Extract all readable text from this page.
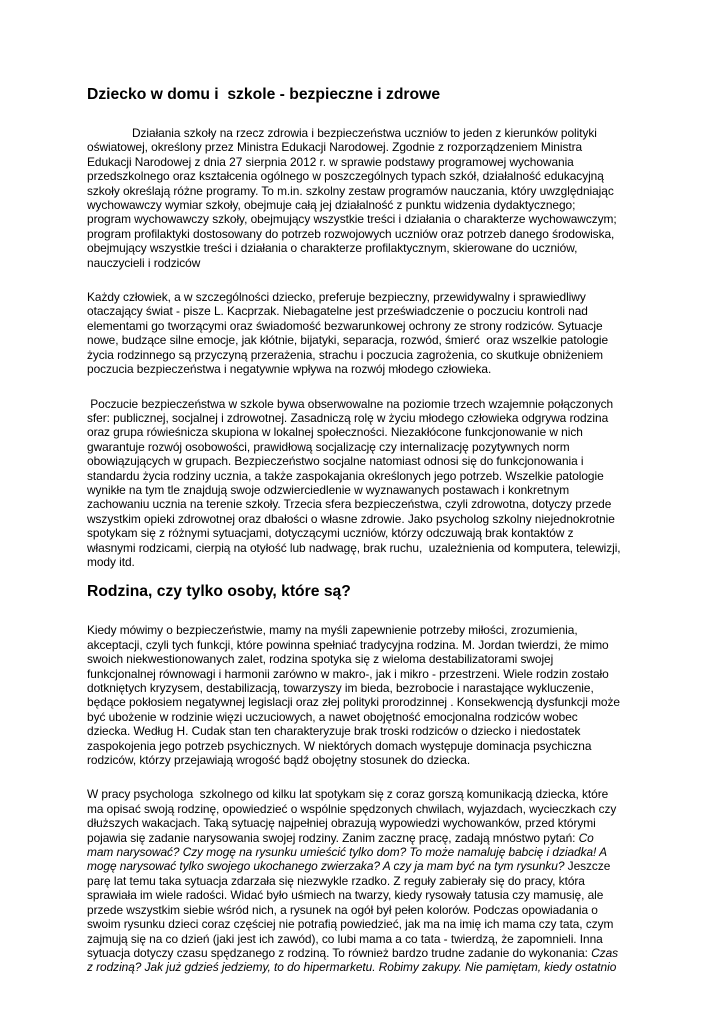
Dziecko w domu i  szkole - bezpieczne i zdrowe
Działania szkoły na rzecz zdrowia i bezpieczeństwa uczniów to jeden z kierunków polityki
oświatowej, określony przez Ministra Edukacji Narodowej. Zgodnie z rozporządzeniem Ministra
Edukacji Narodowej z dnia 27 sierpnia 2012 r. w sprawie podstawy programowej wychowania
przedszkolnego oraz kształcenia ogólnego w poszczególnych typach szkół, działalność edukacyjną
szkoły określają różne programy. To m.in. szkolny zestaw programów nauczania, który uwzględniając
wychowawczy wymiar szkoły, obejmuje całą jej działalność z punktu widzenia dydaktycznego;
program wychowawczy szkoły, obejmujący wszystkie treści i działania o charakterze wychowawczym;
program profilaktyki dostosowany do potrzeb rozwojowych uczniów oraz potrzeb danego środowiska,
obejmujący wszystkie treści i działania o charakterze profilaktycznym, skierowane do uczniów,
nauczycieli i rodziców
Każdy człowiek, a w szczególności dziecko, preferuje bezpieczny, przewidywalny i sprawiedliwy
otaczający świat - pisze L. Kacprzak. Niebagatelne jest przeświadczenie o poczuciu kontroli nad
elementami go tworzącymi oraz świadomość bezwarunkowej ochrony ze strony rodziców. Sytuacje
nowe, budzące silne emocje, jak kłótnie, bijatyki, separacja, rozwód, śmierć  oraz wszelkie patologie
życia rodzinnego są przyczyną przerażenia, strachu i poczucia zagrożenia, co skutkuje obniżeniem
poczucia bezpieczeństwa i negatywnie wpływa na rozwój młodego człowieka.
Poczucie bezpieczeństwa w szkole bywa obserwowalne na poziomie trzech wzajemnie połączonych
sfer: publicznej, socjalnej i zdrowotnej. Zasadniczą rolę w życiu młodego człowieka odgrywa rodzina
oraz grupa rówieśnicza skupiona w lokalnej społeczności. Niezakłócone funkcjonowanie w nich
gwarantuje rozwój osobowości, prawidłową socjalizację czy internalizację pozytywnych norm
obowiązujących w grupach. Bezpieczeństwo socjalne natomiast odnosi się do funkcjonowania i
standardu życia rodziny ucznia, a także zaspokajania określonych jego potrzeb. Wszelkie patologie
wynikłe na tym tle znajdują swoje odzwierciedlenie w wyznawanych postawach i konkretnym
zachowaniu ucznia na terenie szkoły. Trzecia sfera bezpieczeństwa, czyli zdrowotna, dotyczy przede
wszystkim opieki zdrowotnej oraz dbałości o własne zdrowie. Jako psycholog szkolny niejednokrotnie
spotykam się z różnymi sytuacjami, dotyczącymi uczniów, którzy odczuwają brak kontaktów z
własnymi rodzicami, cierpią na otyłość lub nadwagę, brak ruchu,  uzależnienia od komputera, telewizji,
mody itd.
Rodzina, czy tylko osoby, które są?
Kiedy mówimy o bezpieczeństwie, mamy na myśli zapewnienie potrzeby miłości, zrozumienia,
akceptacji, czyli tych funkcji, które powinna spełniać tradycyjna rodzina. M. Jordan twierdzi, że mimo
swoich niekwestionowanych zalet, rodzina spotyka się z wieloma destabilizatorami swojej
funkcjonalnej równowagi i harmonii zarówno w makro-, jak i mikro - przestrzeni. Wiele rodzin zostało
dotkniętych kryzysem, destabilizacją, towarzyszy im bieda, bezrobocie i narastające wykluczenie,
będące pokłosiem negatywnej legislacji oraz złej polityki prorodzinnej . Konsekwencją dysfunkcji może
być ubożenie w rodzinie więzi uczuciowych, a nawet obojętność emocjonalna rodziców wobec
dziecka. Według H. Cudak stan ten charakteryzuje brak troski rodziców o dziecko i niedostatek
zaspokojenia jego potrzeb psychicznych. W niektórych domach występuje dominacja psychiczna
rodziców, którzy przejawiają wrogość bądź obojętny stosunek do dziecka.
W pracy psychologa  szkolnego od kilku lat spotykam się z coraz gorszą komunikacją dziecka, które
ma opisać swoją rodzinę, opowiedzieć o wspólnie spędzonych chwilach, wyjazdach, wycieczkach czy
dłuższych wakacjach. Taką sytuację najpełniej obrazują wypowiedzi wychowanków, przed którymi
pojawia się zadanie narysowania swojej rodziny. Zanim zacznę pracę, zadają mnóstwo pytań: Co
mam narysować? Czy mogę na rysunku umieścić tylko dom? To może namaluję babcię i dziadka! A
mogę narysować tylko swojego ukochanego zwierzaka? A czy ja mam być na tym rysunku? Jeszcze
parę lat temu taka sytuacja zdarzała się niezwykle rzadko. Z reguły zabierały się do pracy, która
sprawiała im wiele radości. Widać było uśmiech na twarzy, kiedy rysowały tatusia czy mamusię, ale
przede wszystkim siebie wśród nich, a rysunek na ogół był pełen kolorów. Podczas opowiadania o
swoim rysunku dzieci coraz częściej nie potrafią powiedzieć, jak ma na imię ich mama czy tata, czym
zajmują się na co dzień (jaki jest ich zawód), co lubi mama a co tata - twierdzą, że zapomnieli. Inna
sytuacja dotyczy czasu spędzanego z rodziną. To również bardzo trudne zadanie do wykonania: Czas
z rodziną? Jak już gdzieś jedziemy, to do hipermarketu. Robimy zakupy. Nie pamiętam, kiedy ostatnio
